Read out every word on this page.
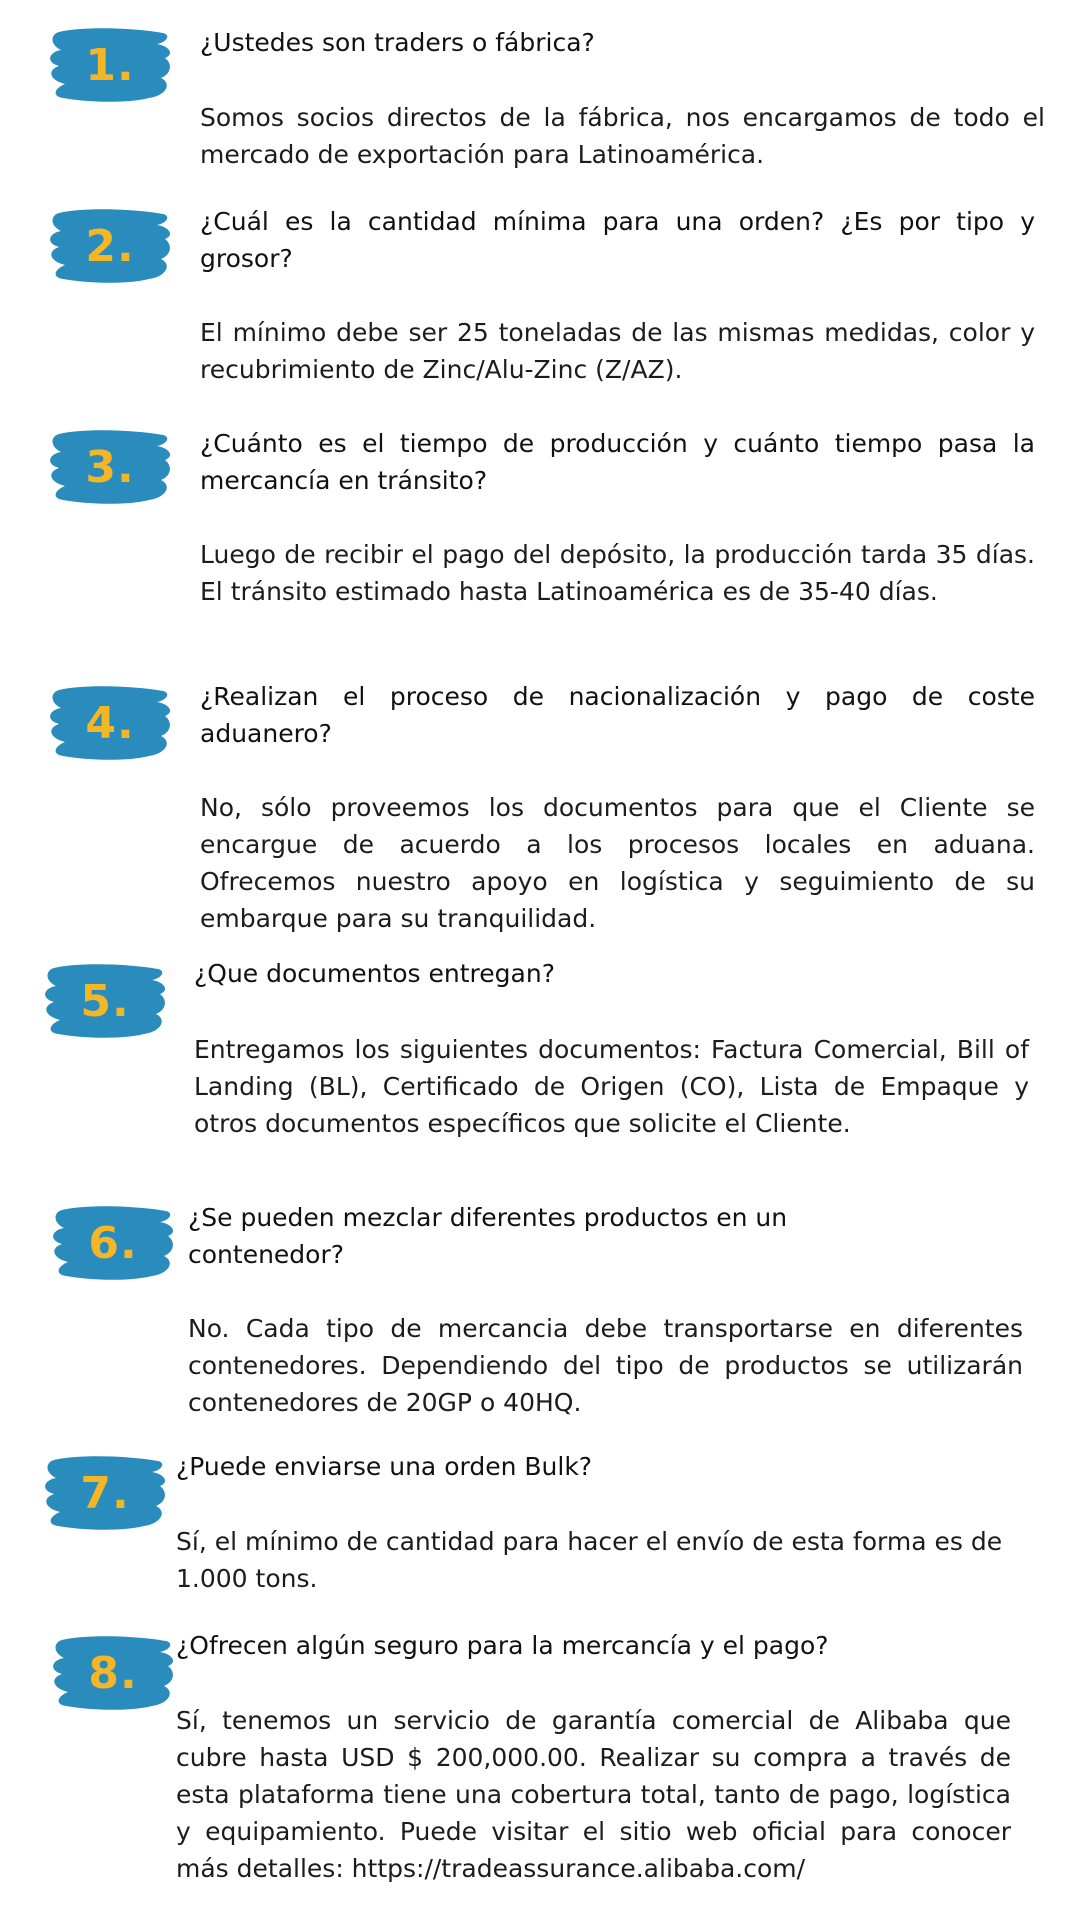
1.	¿Ustedes son traders o fábrica?

Somos socios directos de la fábrica, nos encargamos de todo el mercado de exportación para Latinoamérica.

2.	¿Cuál es la cantidad mínima para una orden? ¿Es por tipo y grosor?

El mínimo debe ser 25 toneladas de las mismas medidas, color y recubrimiento de Zinc/Alu-Zinc (Z/AZ).

3.	¿Cuánto es el tiempo de producción y cuánto tiempo pasa la mercancía en tránsito?

Luego de recibir el pago del depósito, la producción tarda 35 días. El tránsito estimado hasta Latinoamérica es de 35-40 días.

4.

¿Realizan el proceso de nacionalización y pago de coste aduanero?

No, sólo proveemos los documentos para que el Cliente se encargue de acuerdo a los procesos locales en aduana. Ofrecemos nuestro apoyo en logística y seguimiento de su embarque para su tranquilidad.

5.

¿Que documentos entregan?

Entregamos los siguientes documentos: Factura Comercial, Bill of Landing (BL), Certificado de Origen (CO), Lista de Empaque y otros documentos específicos que solicite el Cliente.

6.	¿Se pueden mezclar diferentes productos en un contenedor?

No. Cada tipo de mercancia debe transportarse en diferentes contenedores. Dependiendo del tipo de productos se utilizarán contenedores de 20GP o 40HQ.

7.

¿Puede enviarse una orden Bulk?

Sí, el mínimo de cantidad para hacer el envío de esta forma es de 1.000 tons.

8.

¿Ofrecen algún seguro para la mercancía y el pago?

Sí, tenemos un servicio de garantía comercial de Alibaba que cubre hasta USD $ 200,000.00. Realizar su compra a través de esta plataforma tiene una cobertura total, tanto de pago, logística y equipamiento. Puede visitar el sitio web oficial para conocer más detalles: https://tradeassurance.alibaba.com/
